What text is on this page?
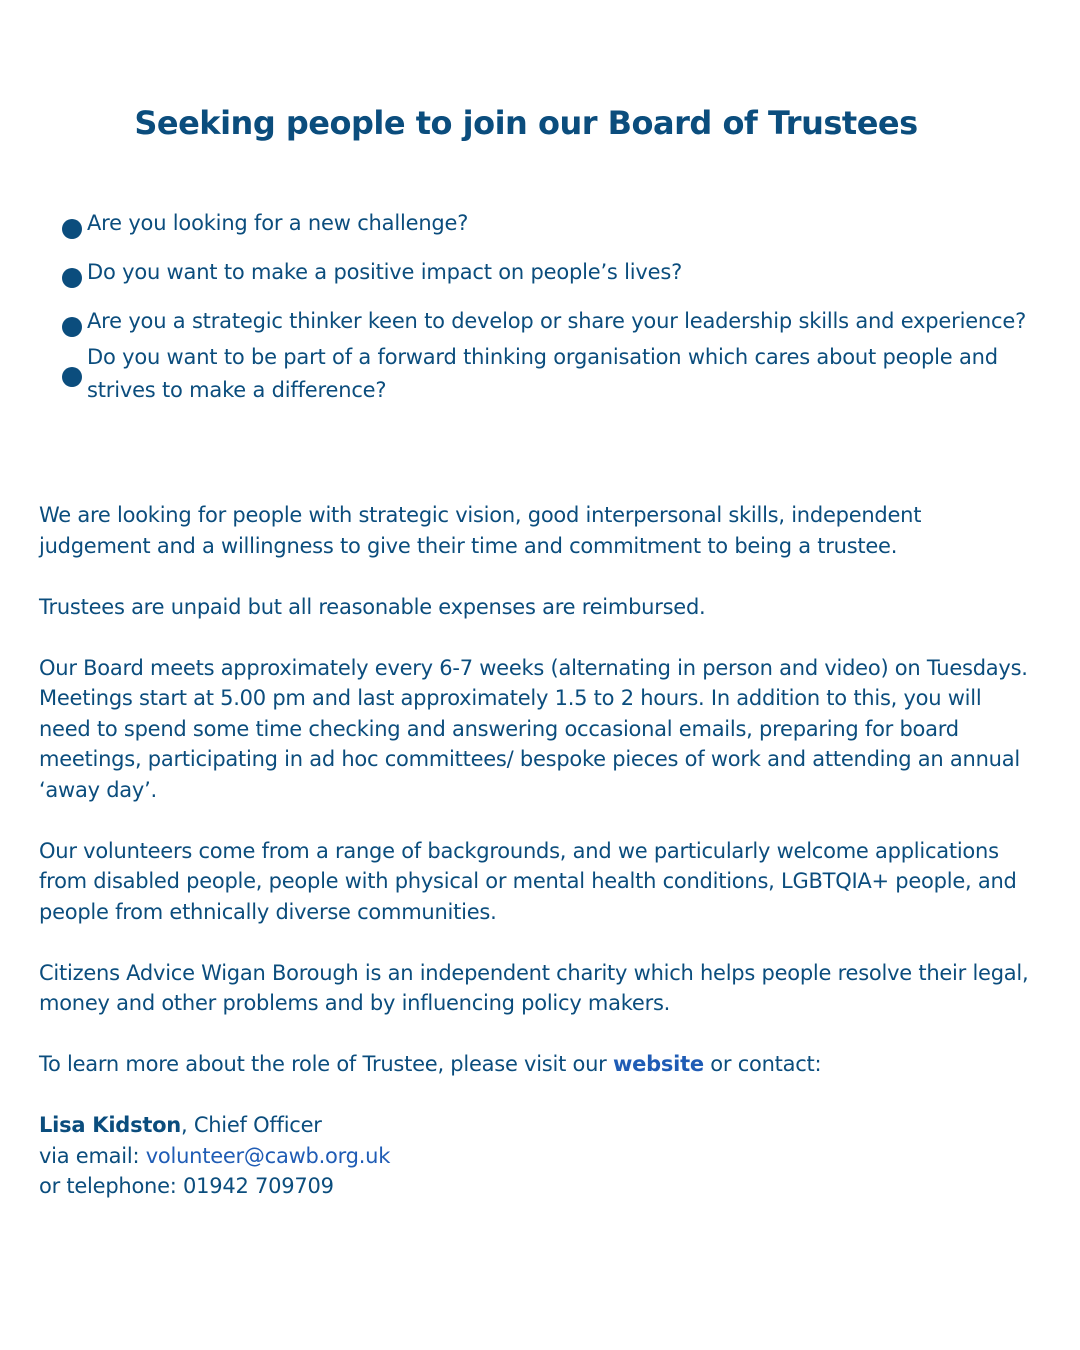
Seeking people to join our Board of Trustees
Are you looking for a new challenge?
Do you want to make a positive impact on people’s lives?
Are you a strategic thinker keen to develop or share your leadership skills and experience?
Do you want to be part of a forward thinking organisation which cares about people and strives to make a difference?

We are looking for people with strategic vision, good interpersonal skills, independent judgement and a willingness to give their time and commitment to being a trustee.

Trustees are unpaid but all reasonable expenses are reimbursed.

Our Board meets approximately every 6-7 weeks (alternating in person and video) on Tuesdays. Meetings start at 5.00 pm and last approximately 1.5 to 2 hours. In addition to this, you will need to spend some time checking and answering occasional emails, preparing for board meetings, participating in ad hoc committees/ bespoke pieces of work and attending an annual ‘away day’.

Our volunteers come from a range of backgrounds, and we particularly welcome applications from disabled people, people with physical or mental health conditions, LGBTQIA+ people, and people from ethnically diverse communities.

Citizens Advice Wigan Borough is an independent charity which helps people resolve their legal, money and other problems and by influencing policy makers.

To learn more about the role of Trustee, please visit our website or contact:

Lisa Kidston, Chief Officer
via email: volunteer@cawb.org.uk
or telephone: 01942 709709
